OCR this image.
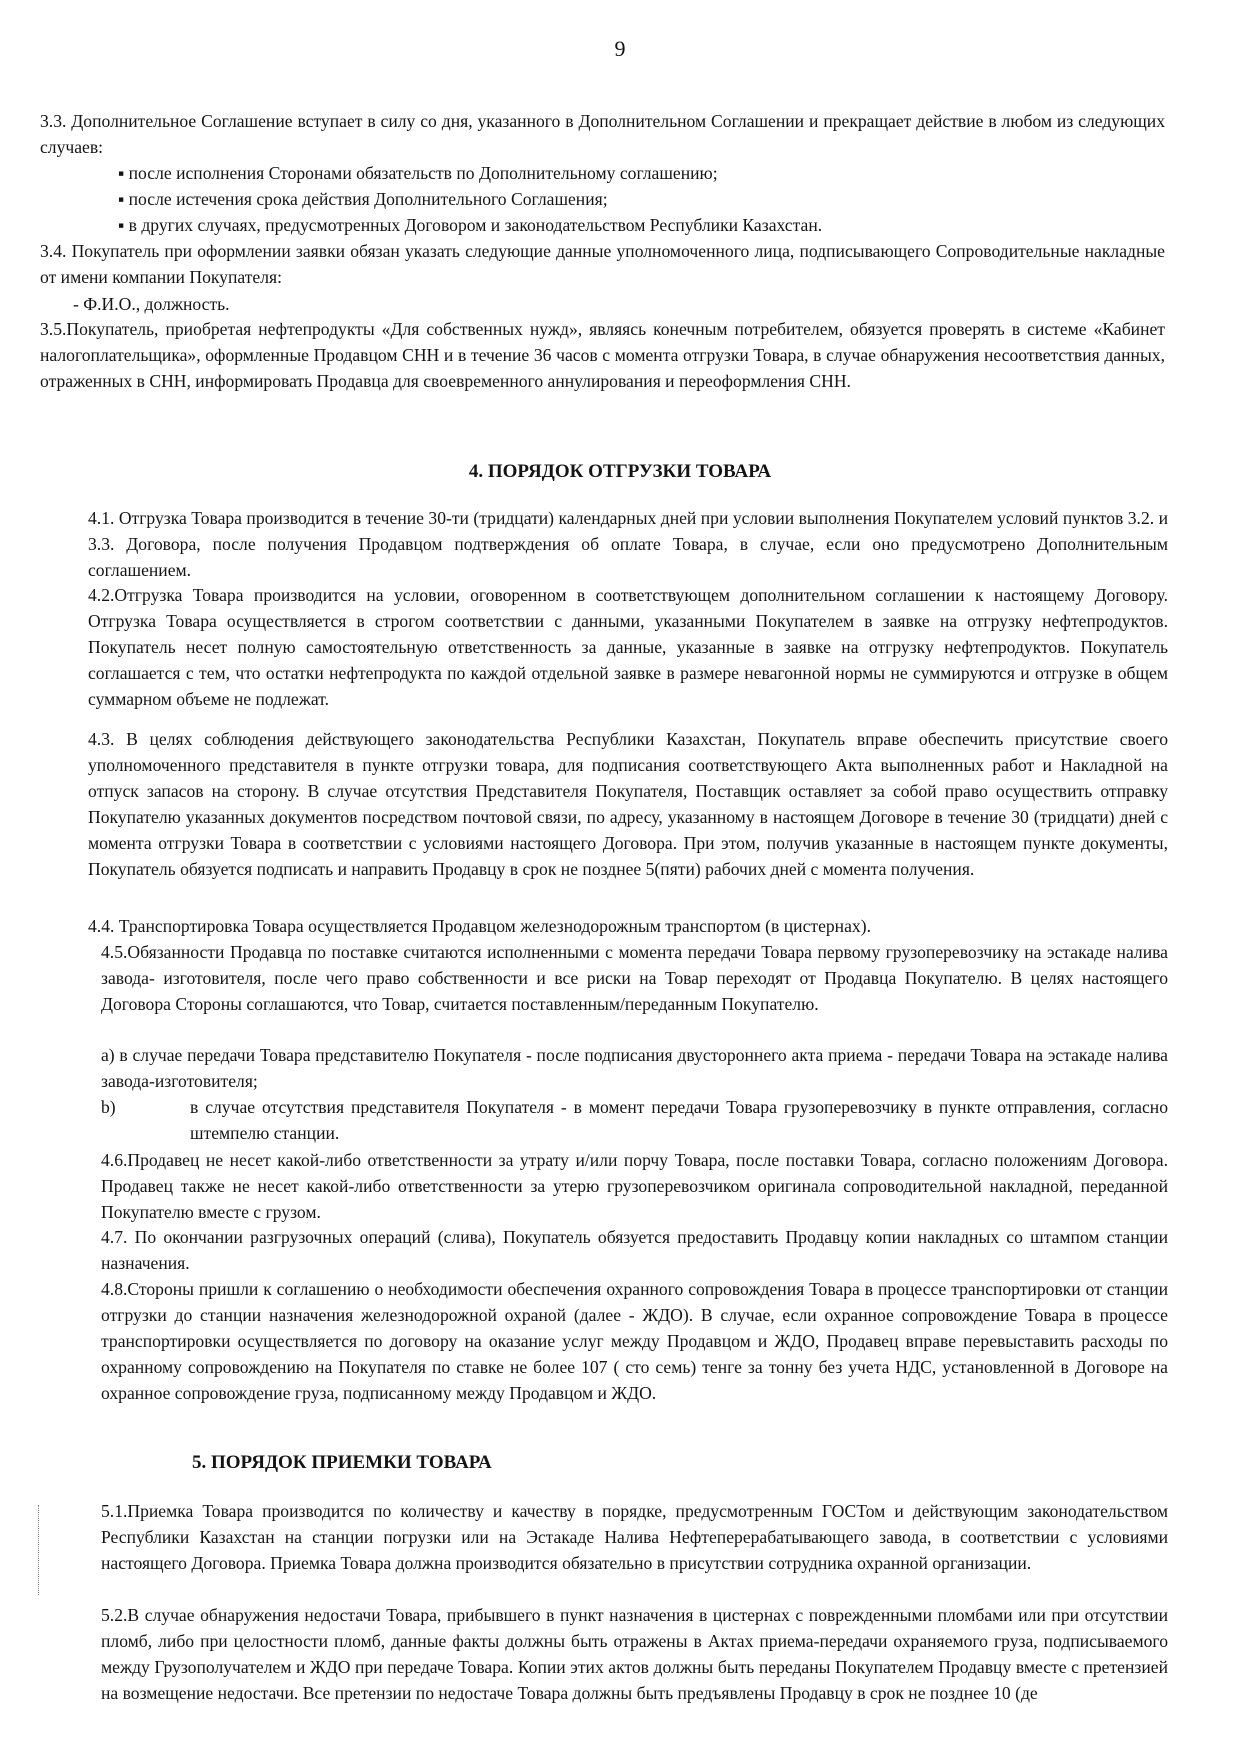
9
3.3. Дополнительное Соглашение вступает в силу со дня, указанного в Дополнительном Соглашении и прекращает действие в любом из следующих случаев:
▪ после исполнения Сторонами обязательств по Дополнительному соглашению;
▪ после истечения срока действия Дополнительного Соглашения;
▪ в других случаях, предусмотренных Договором и законодательством Республики Казахстан.
3.4. Покупатель при оформлении заявки обязан указать следующие данные уполномоченного лица, подписывающего Сопроводительные накладные от имени компании Покупателя:
- Ф.И.О., должность.
3.5.Покупатель, приобретая нефтепродукты «Для собственных нужд», являясь конечным потребителем, обязуется проверять в системе «Кабинет налогоплательщика», оформленные Продавцом СНН и в течение 36 часов с момента отгрузки Товара, в случае обнаружения несоответствия данных, отраженных в СНН, информировать Продавца для своевременного аннулирования и переоформления СНН.
4. ПОРЯДОК ОТГРУЗКИ ТОВАРА
4.1. Отгрузка Товара производится в течение 30-ти (тридцати) календарных дней при условии выполнения Покупателем условий пунктов 3.2. и 3.3. Договора, после получения Продавцом подтверждения об оплате Товара, в случае, если оно предусмотрено Дополнительным соглашением.
4.2.Отгрузка Товара производится на условии, оговоренном в соответствующем дополнительном соглашении к настоящему Договору. Отгрузка Товара осуществляется в строгом соответствии с данными, указанными Покупателем в заявке на отгрузку нефтепродуктов. Покупатель несет полную самостоятельную ответственность за данные, указанные в заявке на отгрузку нефтепродуктов. Покупатель соглашается с тем, что остатки нефтепродукта по каждой отдельной заявке в размере невагонной нормы не суммируются и отгрузке в общем суммарном объеме не подлежат.
4.3. В целях соблюдения действующего законодательства Республики Казахстан, Покупатель вправе обеспечить присутствие своего уполномоченного представителя в пункте отгрузки товара, для подписания соответствующего Акта выполненных работ и Накладной на отпуск запасов на сторону. В случае отсутствия Представителя Покупателя, Поставщик оставляет за собой право осуществить отправку Покупателю указанных документов посредством почтовой связи, по адресу, указанному в настоящем Договоре в течение 30 (тридцати) дней с момента отгрузки Товара в соответствии с условиями настоящего Договора. При этом, получив указанные в настоящем пункте документы, Покупатель обязуется подписать и направить Продавцу в срок не позднее 5(пяти) рабочих дней с момента получения.
4.4. Транспортировка Товара осуществляется Продавцом железнодорожным транспортом (в цистернах).
4.5.Обязанности Продавца по поставке считаются исполненными с момента передачи Товара первому грузоперевозчику на эстакаде налива завода- изготовителя, после чего право собственности и все риски на Товар переходят от Продавца Покупателю. В целях настоящего Договора Стороны соглашаются, что Товар, считается поставленным/переданным Покупателю.
a) в случае передачи Товара представителю Покупателя - после подписания двустороннего акта приема - передачи Товара на эстакаде налива завода-изготовителя;
b)	в случае отсутствия представителя Покупателя - в момент передачи Товара грузоперевозчику в пункте отправления, согласно штемпелю станции.
4.6.Продавец не несет какой-либо ответственности за утрату и/или порчу Товара, после поставки Товара, согласно положениям Договора. Продавец также не несет какой-либо ответственности за утерю грузоперевозчиком оригинала сопроводительной накладной, переданной Покупателю вместе с грузом.
4.7. По окончании разгрузочных операций (слива), Покупатель обязуется предоставить Продавцу копии накладных со штампом станции назначения.
4.8.Стороны пришли к соглашению о необходимости обеспечения охранного сопровождения Товара в процессе транспортировки от станции отгрузки до станции назначения железнодорожной охраной (далее - ЖДО). В случае, если охранное сопровождение Товара в процессе транспортировки осуществляется по договору на оказание услуг между Продавцом и ЖДО, Продавец вправе перевыставить расходы по охранному сопровождению на Покупателя по ставке не более 107 ( сто семь) тенге за тонну без учета НДС, установленной в Договоре на охранное сопровождение груза, подписанному между Продавцом и ЖДО.
5. ПОРЯДОК ПРИЕМКИ ТОВАРА
5.1.Приемка Товара производится по количеству и качеству в порядке, предусмотренным ГОСТом и действующим законодательством Республики Казахстан на станции погрузки или на Эстакаде Налива Нефтеперерабатывающего завода, в соответствии с условиями настоящего Договора. Приемка Товара должна производится обязательно в присутствии сотрудника охранной организации.
5.2.В случае обнаружения недостачи Товара, прибывшего в пункт назначения в цистернах с поврежденными пломбами или при отсутствии пломб, либо при целостности пломб, данные факты должны быть отражены в Актах приема-передачи охраняемого груза, подписываемого между Грузополучателем и ЖДО при передаче Товара. Копии этих актов должны быть переданы Покупателем Продавцу вместе с претензией на возмещение недостачи. Все претензии по недостаче Товара должны быть предъявлены Продавцу в срок не позднее 10 (де
